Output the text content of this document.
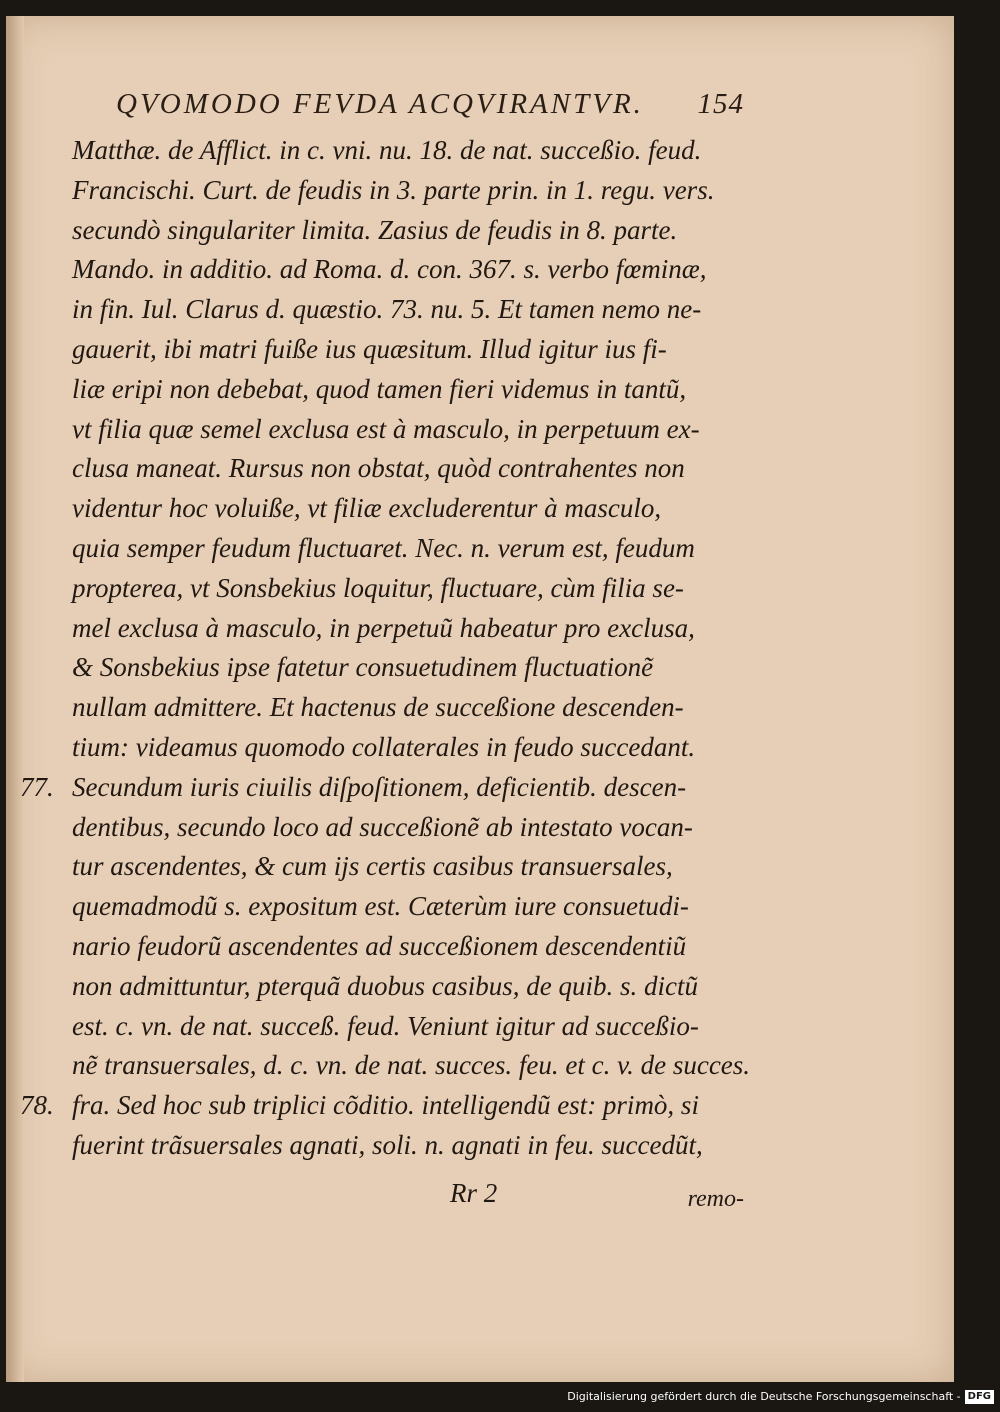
QVOMODO FEVDA ACQVIRANTVR. 154
77.
78.
Matthæ. de Afflict. in c. vni. nu. 18. de nat. succeßio. feud.
Francischi. Curt. de feudis in 3. parte prin. in 1. regu. vers.
secundò singulariter limita. Zasius de feudis in 8. parte.
Mando. in additio. ad Roma. d. con. 367. s. verbo fœminæ,
in fin. Iul. Clarus d. quæstio. 73. nu. 5. Et tamen nemo ne-
gauerit, ibi matri fuiße ius quæsitum. Illud igitur ius fi-
liæ eripi non debebat, quod tamen fieri videmus in tantũ,
vt filia quæ semel exclusa est à masculo, in perpetuum ex-
clusa maneat. Rursus non obstat, quòd contrahentes non
videntur hoc voluiße, vt filiæ excluderentur à masculo,
quia semper feudum fluctuaret. Nec. n. verum est, feudum
propterea, vt Sonsbekius loquitur, fluctuare, cùm filia se-
mel exclusa à masculo, in perpetuũ habeatur pro exclusa,
& Sonsbekius ipse fatetur consuetudinem fluctuationẽ
nullam admittere. Et hactenus de succeßione descenden-
tium: videamus quomodo collaterales in feudo succedant.
Secundum iuris ciuilis diſpoſitionem, deficientib. descen-
dentibus, secundo loco ad succeßionẽ ab intestato vocan-
tur ascendentes, & cum ijs certis casibus transuersales,
quemadmodũ s. expositum est. Cæterùm iure consuetudi-
nario feudorũ ascendentes ad succeßionem descendentiũ
non admittuntur, pterquã duobus casibus, de quib. s. dictũ
est. c. vn. de nat. succeß. feud. Veniunt igitur ad succeßio-
nẽ transuersales, d. c. vn. de nat. succes. feu. et c. v. de succes.
fra. Sed hoc sub triplici cõditio. intelligendũ est: primò, si
fuerint trãsuersales agnati, soli. n. agnati in feu. succedũt,
Rr 2	remo-
Digitalisierung gefördert durch die Deutsche Forschungsgemeinschaft - DFG
